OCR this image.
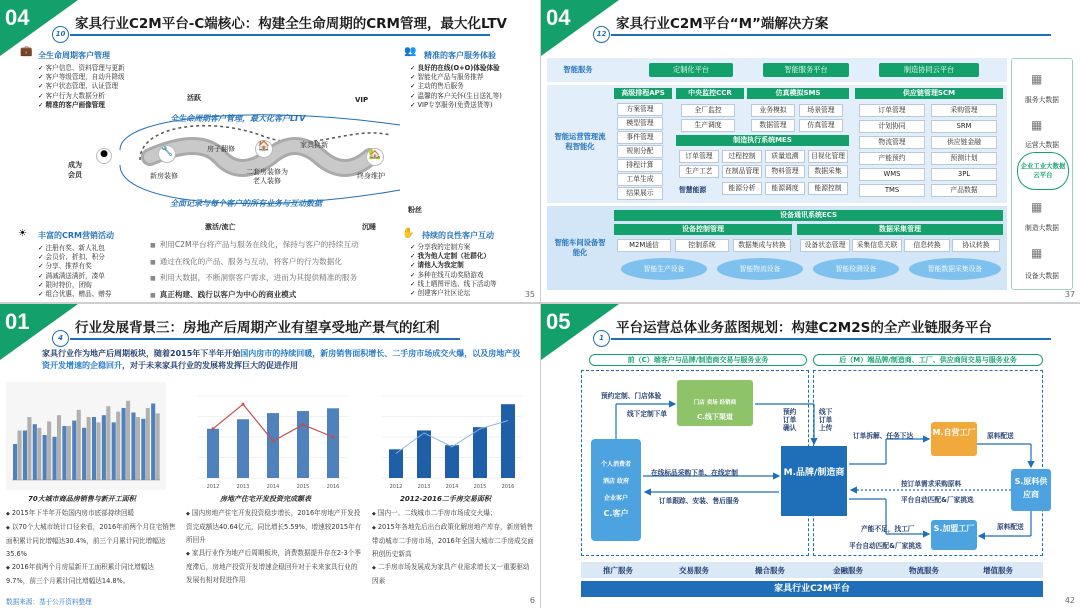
04
10
家具行业C2M平台-C端核心：构建全生命周期的CRM管理，最大化LTV
💼 全生命周期客户管理
✓ 客户信息、资料管理与更新
✓ 客户等级管理，自动升降级
✓ 客户状态管理、认证管理
✓ 客户行为大数据分析
✓ 精准的客户画像管理
👥 精准的客户服务体验
✓ 良好的在线(O+O)体验体验
✓ 智能化产品与服务推荐
✓ 主动的售后服务
✓ 温馨的客户关怀(生日送礼等)
✓ VIP专享服务(免费送货等)
全生命周期客户管理，最大化客户LTV
全面记录与每个客户的所有业务与互动数据
活跃	VIP
成为会员
沉睡
激活/流亡
粉丝
●	🔧
新房装修
房子翻修 🏠
二套房装修为老人装修
家具换新
🏡
终身维护
☀ 丰富的CRM营销活动
✓ 注册有奖、新人礼包
✓ 会员价、折扣、积分
✓ 分享、推荐有奖
✓ 满减满送满折，凑单
✓ 限时特价，团购
✓ 组合优惠、赠品、赠券
■ 利用C2M平台将产品与服务在线化，保持与客户的持续互动
■ 通过在线化的产品、服务与互动，将客户的行为数据化
■ 利用大数据，不断洞察客户需求，进而为其提供精准的服务
■ 真正构建、践行以客户为中心的商业模式
✋ 持续的良性客户互动
✓ 分享我的定制方案
✓ 我为他人定制（社群化）
✓ 请他人为我定制
✓ 多种在线互动奖励游戏
✓ 线上晒图评选、线下活动等
✓ 创建客户社区论坛	35
04
12
家具行业C2M平台“M”端解决方案
智能服务	定制化平台	智能服务平台	制造协同云平台
智能运营管理流程智能化
高级排程APS
方案管理
模型管理
事件管理
规则分配
排程计算
工单生成
结果展示
中央监控CCR
全厂监控
生产调度
仿真模拟SMS
业务模拟	场景管理
数据管理	仿真管理
制造执行系统MES
订单管理	过程控制	质量追溯	目视化管理
生产工艺	在制品管理	物料管理	数据采集
智慧能源	能源分析	能源调度	能源控制
供应链管理SCM
订单管理	采购管理
计划协同	SRM
物流管理	供应链金融
产能预约	预测计划
WMS	3PL
TMS	产品数据
智能车间设备智能化
设备通讯系统ECS
设备控制管理
M2M通信	控制系统	数据集成与转换
数据采集管理
设备状态管理	采集信息关联	信息转换	协议转换
智能生产设备	智能物流设备	智能检测设备	智能数据采集设备
▦
服务大数据
▦
运营大数据
企业工业大数据云平台
▦
制造大数据
▦
设备大数据
37
01
4
行业发展背景三：房地产后周期产业有望享受地产景气的红利
家具行业作为地产后周期板块，随着2015年下半年开始国内房市的持续回暖，新房销售面积增长、二手房市场成交火爆，以及房地产投资开发增速的企稳回升，对于未来家具行业的发展将发挥巨大的促进作用
2012	2013	2014	2015	2016	2012	2013	2014	2015	2016
70大城市商品房销售与新开工面积	房地产住宅开发投资完成额表	2012-2016二手房交易面积
◆ 2015年下半年开始国内房市底部持续回暖
◆ 以70个大城市统计口径来看，2016年前两个月住宅销售面积累计同比增幅达30.4%，前三个月累计同比增幅达35.6%
◆ 2016年前两个月房屋新开工面积累计同比增幅达9.7%，前三个月累计同比增幅达14.8%。
◆ 国内房地产住宅开发投资稳步增长，2016年房地产开发投资完成额达40.64亿元，同比增长5.59%，增速较2015年有所回升
◆ 家具行业作为地产后周期板块，消费数据提升存在2-3个季度滞后，房地产投资开发增速企稳回升对于未来家具行业的发展有相对促进作用
◆ 国内一、二线城市二手房市场成交火爆；
◆ 2015年各地先后出台政策化解房地产库存，新房销售带动城市二手房市场，2016年全国大城市二手房成交面积创历史新高
◆ 二手房市场发展成为家具产业需求增长又一重要驱动因素
数据来源：基于公开资料整理	6
05
1
平台运营总体业务蓝图规划：构建C2M2S的全产业链服务平台
前（C）端客户与品牌/制造商交易与服务业务	后（M）端品牌/制造商、工厂、供应商间交易与服务业务
个人消费者
酒店 政府
企业客户
C.客户
门店 卖场 经销商
C.线下渠道
M.品牌/制造商
M.自营工厂
S.加盟工厂
S.原料供应商
预约定制、门店体验
线下定制下单	预约订单确认
线下订单上传
在线标品采购下单、在线定制
订单跟踪、安装、售后服务
订单拆解、任务下达	原料配送
按订单需求采购原料
平台自动匹配&厂家挑选
产能不足，找工厂
平台自动匹配&厂家挑选
原料配送
推广服务	交易服务	撮合服务	金融服务	物流服务	增值服务
家具行业C2M平台
42
